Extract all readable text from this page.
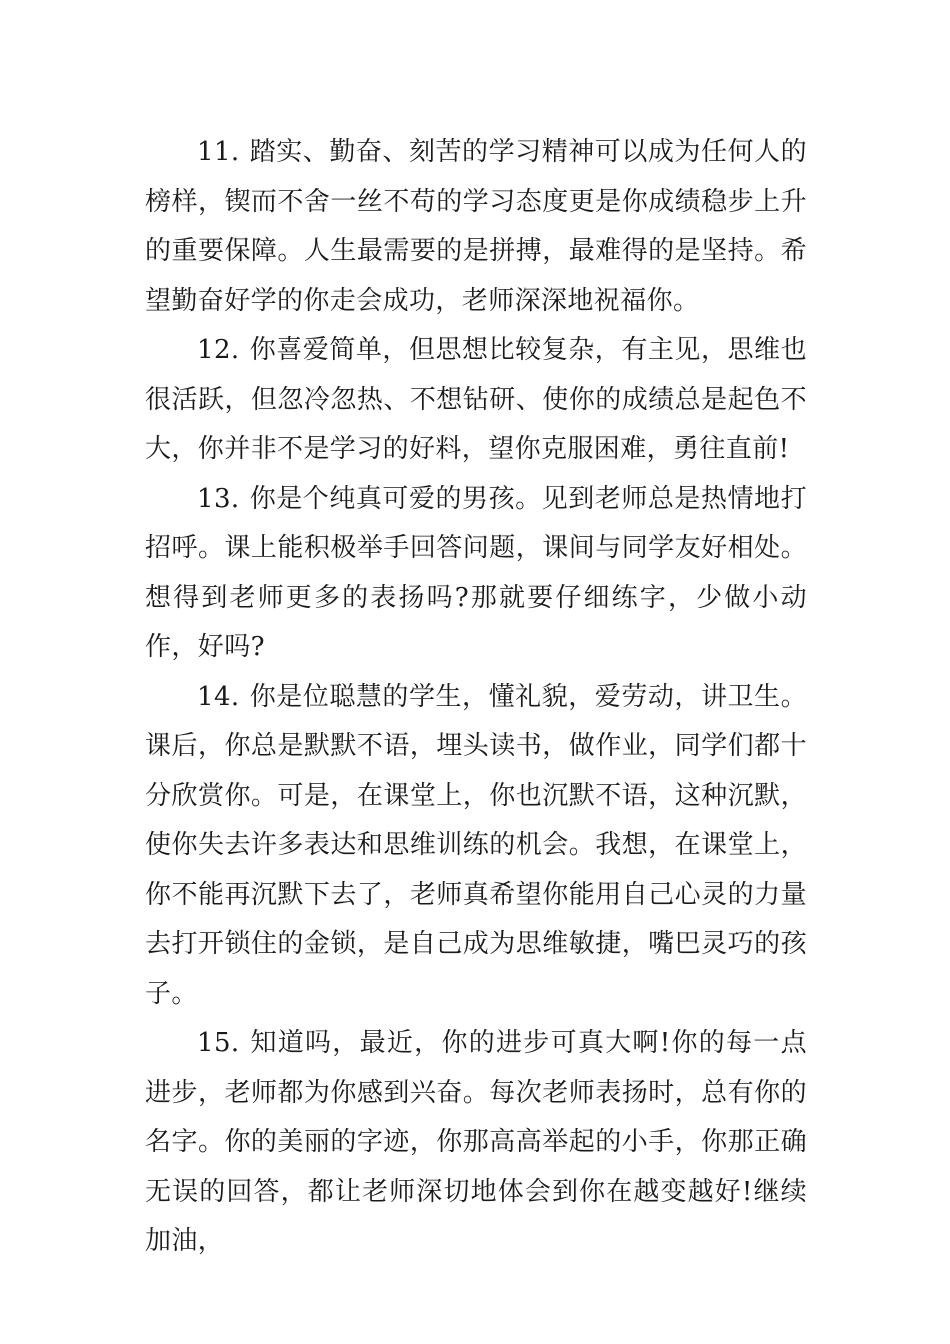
11. 踏实、勤奋、刻苦的学习精神可以成为任何人的榜样，锲而不舍一丝不苟的学习态度更是你成绩稳步上升的重要保障。人生最需要的是拼搏，最难得的是坚持。希望勤奋好学的你走会成功，老师深深地祝福你。

12. 你喜爱简单，但思想比较复杂，有主见，思维也很活跃，但忽冷忽热、不想钻研、使你的成绩总是起色不大，你并非不是学习的好料，望你克服困难，勇往直前!

13. 你是个纯真可爱的男孩。见到老师总是热情地打招呼。课上能积极举手回答问题，课间与同学友好相处。想得到老师更多的表扬吗?那就要仔细练字，少做小动作，好吗?

14. 你是位聪慧的学生，懂礼貌，爱劳动，讲卫生。课后，你总是默默不语，埋头读书，做作业，同学们都十分欣赏你。可是，在课堂上，你也沉默不语，这种沉默，使你失去许多表达和思维训练的机会。我想，在课堂上，你不能再沉默下去了，老师真希望你能用自己心灵的力量去打开锁住的金锁，是自己成为思维敏捷，嘴巴灵巧的孩子。

15. 知道吗，最近，你的进步可真大啊!你的每一点进步，老师都为你感到兴奋。每次老师表扬时，总有你的名字。你的美丽的字迹，你那高高举起的小手，你那正确无误的回答，都让老师深切地体会到你在越变越好!继续加油，
